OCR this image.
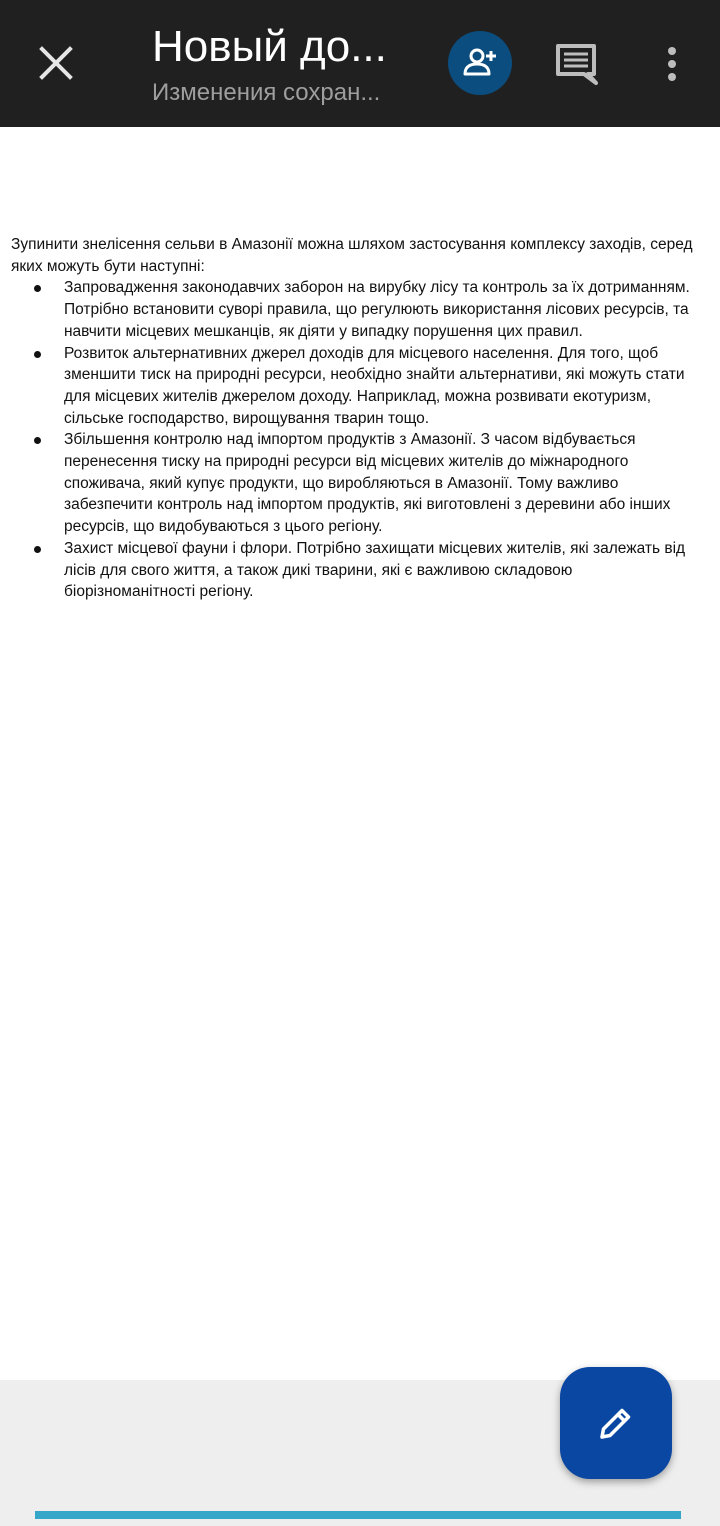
Новый до...
Изменения сохран...

Зупинити знелісення сельви в Амазонії можна шляхом застосування комплексу заходів, серед яких можуть бути наступні:

Запровадження законодавчих заборон на вирубку лісу та контроль за їх дотриманням. Потрібно встановити суворі правила, що регулюють використання лісових ресурсів, та навчити місцевих мешканців, як діяти у випадку порушення цих правил.
Розвиток альтернативних джерел доходів для місцевого населення. Для того, щоб зменшити тиск на природні ресурси, необхідно знайти альтернативи, які можуть стати для місцевих жителів джерелом доходу. Наприклад, можна розвивати екотуризм, сільське господарство, вирощування тварин тощо.
Збільшення контролю над імпортом продуктів з Амазонії. З часом відбувається перенесення тиску на природні ресурси від місцевих жителів до міжнародного споживача, який купує продукти, що виробляються в Амазонії. Тому важливо забезпечити контроль над імпортом продуктів, які виготовлені з деревини або інших ресурсів, що видобуваються з цього регіону.
Захист місцевої фауни і флори. Потрібно захищати місцевих жителів, які залежать від лісів для свого життя, а також дикі тварини, які є важливою складовою біорізноманітності регіону.
